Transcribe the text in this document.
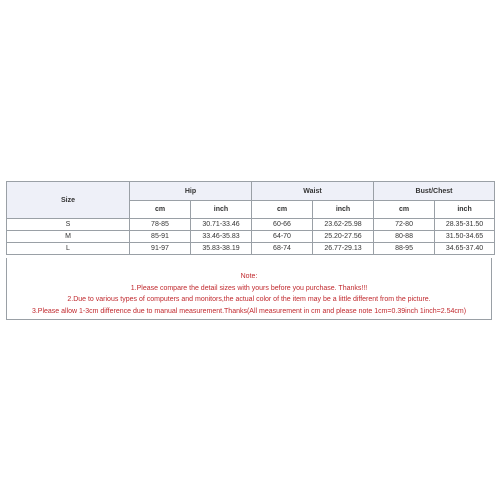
Size	Hip		Waist		Bust/Chest	
	cm	inch	cm	inch	cm	inch
S	78-85	30.71-33.46	60-66	23.62-25.98	72-80	28.35-31.50
M	85-91	33.46-35.83	64-70	25.20-27.56	80-88	31.50-34.65
L	91-97	35.83-38.19	68-74	26.77-29.13	88-95	34.65-37.40
Note:
1.Please compare the detail sizes with yours before you purchase. Thanks!!!
2.Due to various types of computers and monitors,the actual color of the item may be a little different from the picture.
3.Please allow 1-3cm difference due to manual measurement.Thanks(All measurement in cm and please note 1cm=0.39inch 1inch=2.54cm)
